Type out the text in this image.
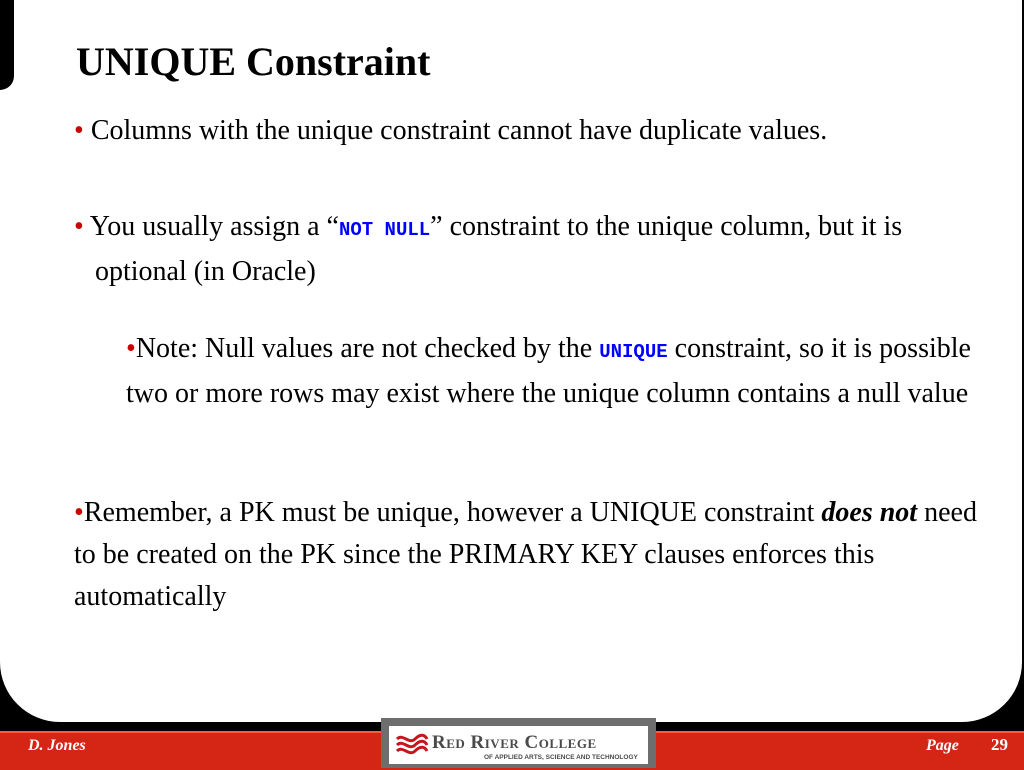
UNIQUE Constraint

• Columns with the unique constraint cannot have duplicate values.

• You usually assign a “NOT NULL” constraint to the unique column, but it is optional (in Oracle)

•Note: Null values are not checked by the UNIQUE constraint, so it is possible two or more rows may exist where the unique column contains a null value

•Remember, a PK must be unique, however a UNIQUE constraint does not need to be created on the PK since the PRIMARY KEY clauses enforces this automatically

D. Jones	Page 29
Red River College
OF APPLIED ARTS, SCIENCE AND TECHNOLOGY
